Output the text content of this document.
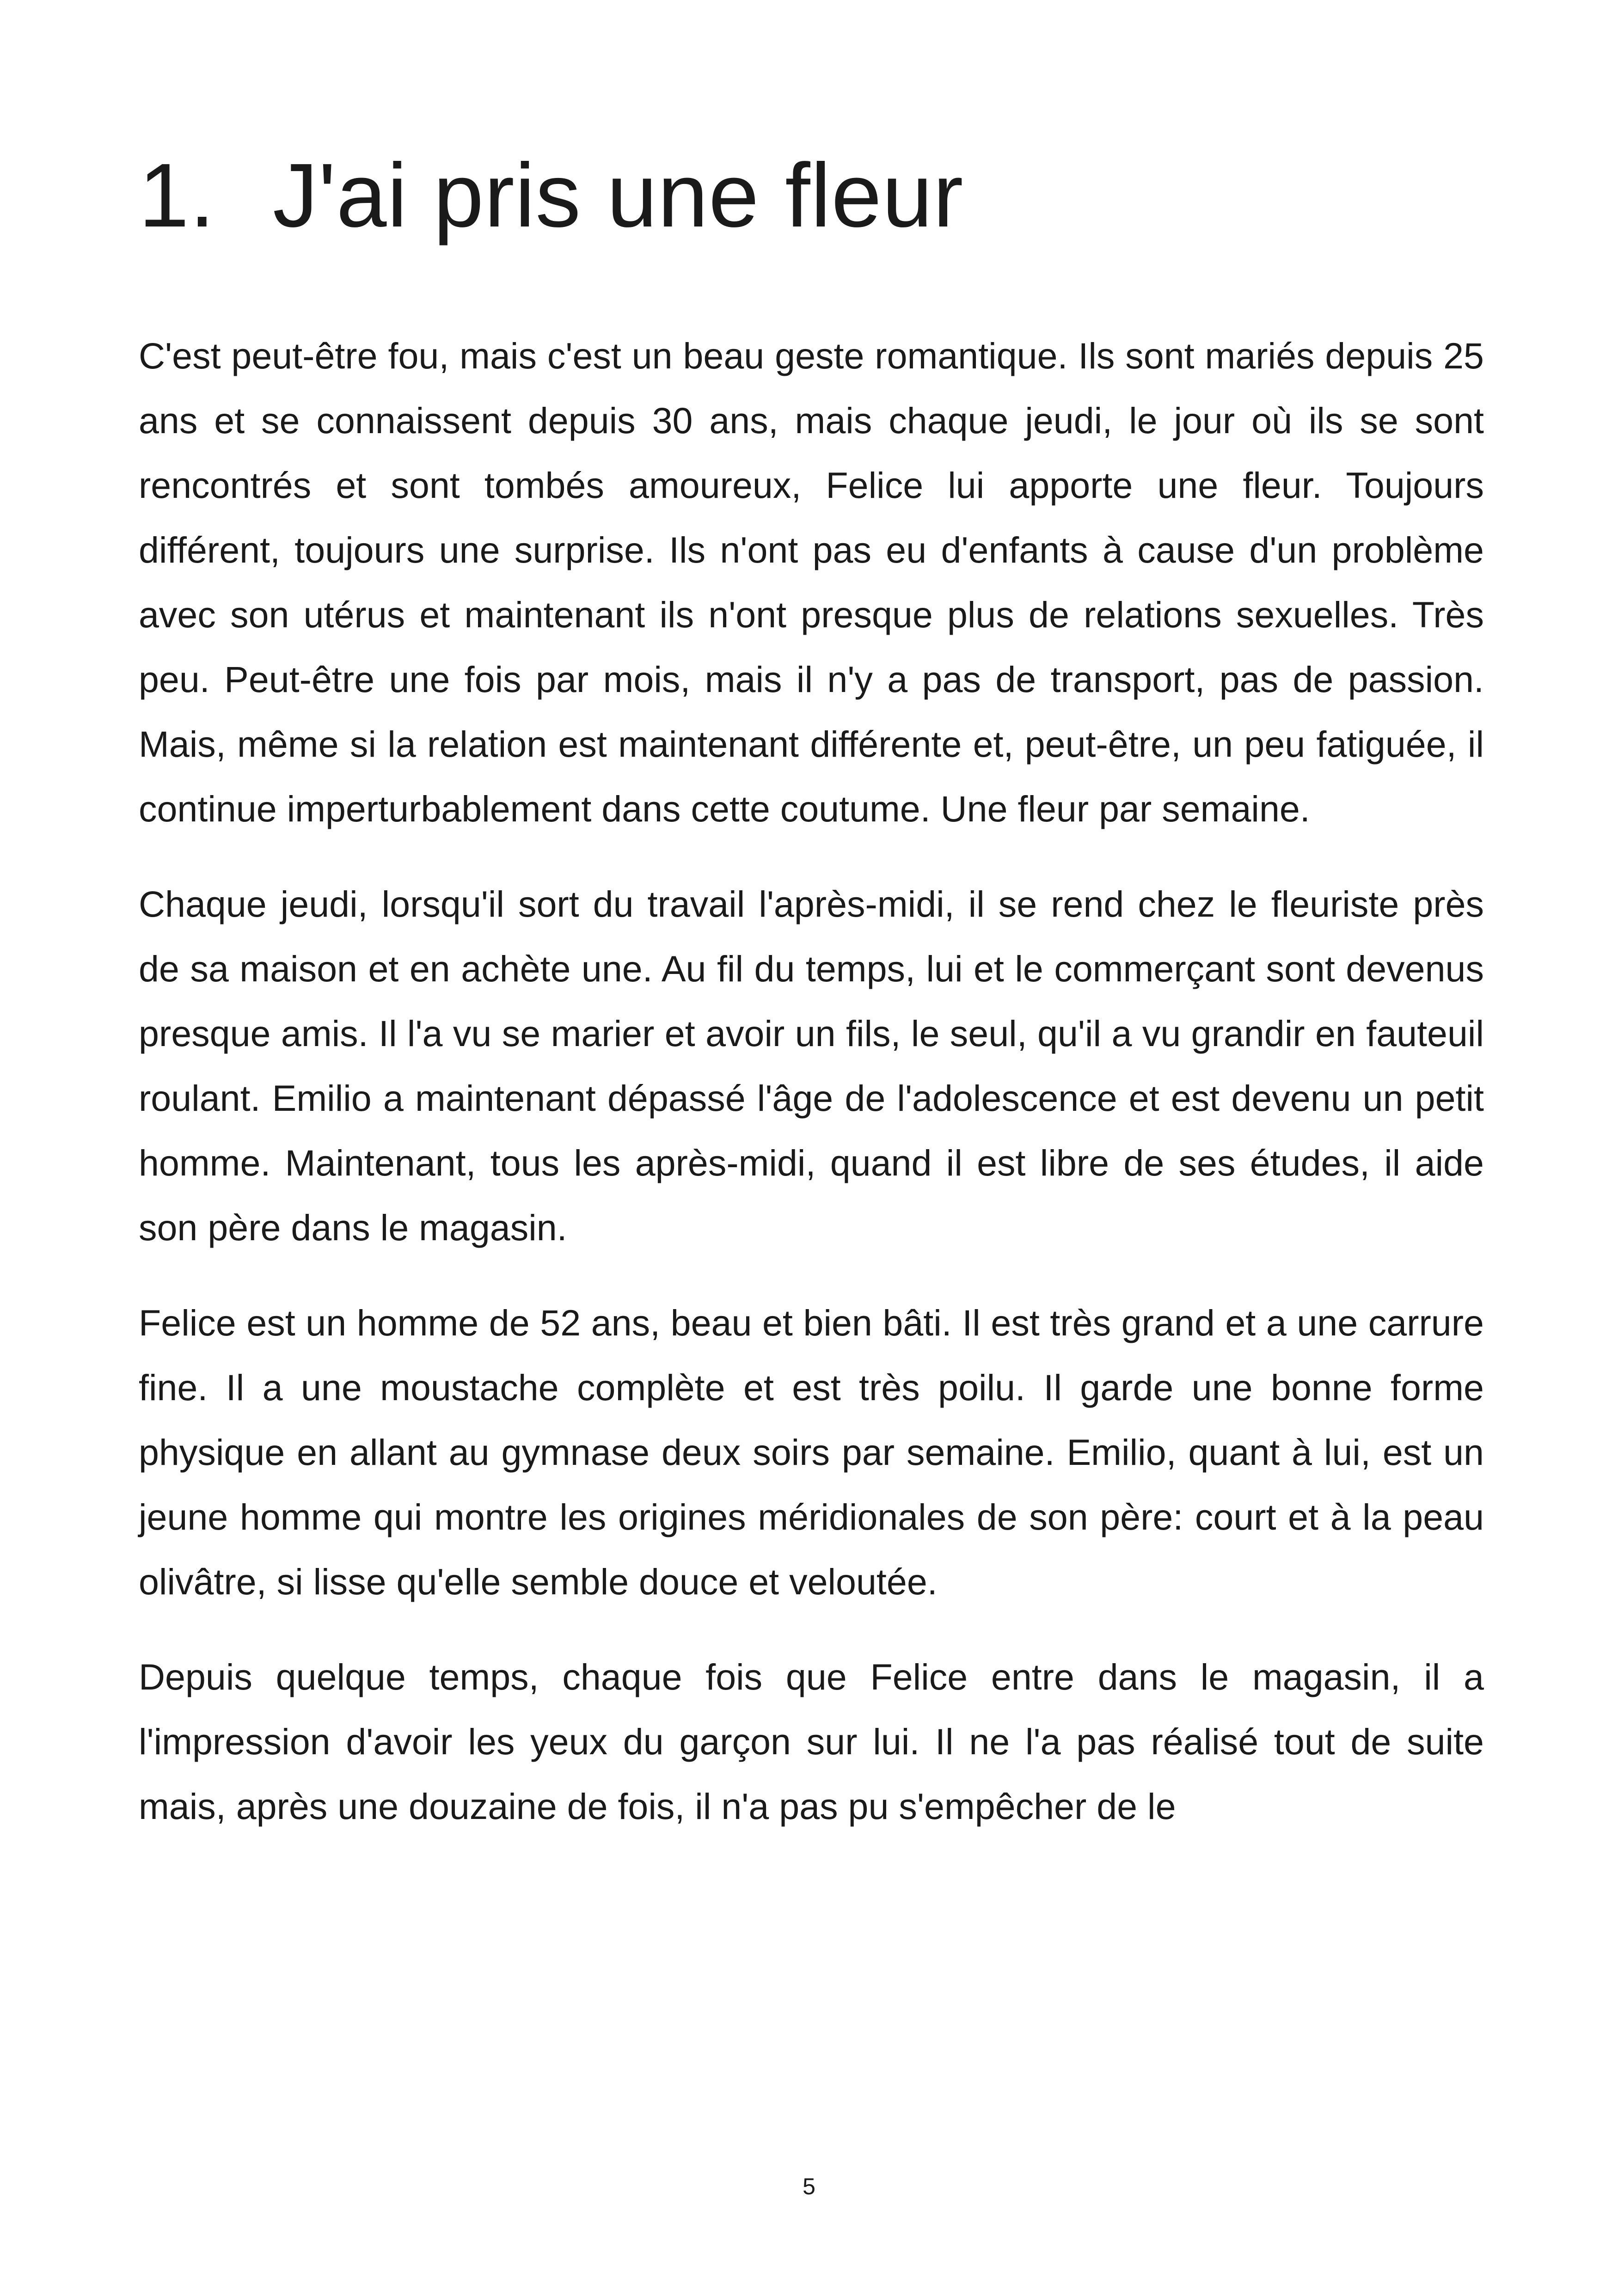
1. J'ai pris une fleur

C'est peut-être fou, mais c'est un beau geste romantique. Ils sont mariés depuis 25 ans et se connaissent depuis 30 ans, mais chaque jeudi, le jour où ils se sont rencontrés et sont tombés amoureux, Felice lui apporte une fleur. Toujours différent, toujours une surprise. Ils n'ont pas eu d'enfants à cause d'un problème avec son utérus et maintenant ils n'ont presque plus de relations sexuelles. Très peu. Peut-être une fois par mois, mais il n'y a pas de transport, pas de passion. Mais, même si la relation est maintenant différente et, peut-être, un peu fatiguée, il continue imperturbablement dans cette coutume. Une fleur par semaine.

Chaque jeudi, lorsqu'il sort du travail l'après-midi, il se rend chez le fleuriste près de sa maison et en achète une. Au fil du temps, lui et le commerçant sont devenus presque amis. Il l'a vu se marier et avoir un fils, le seul, qu'il a vu grandir en fauteuil roulant. Emilio a maintenant dépassé l'âge de l'adolescence et est devenu un petit homme. Maintenant, tous les après-midi, quand il est libre de ses études, il aide son père dans le magasin.

Felice est un homme de 52 ans, beau et bien bâti. Il est très grand et a une carrure fine. Il a une moustache complète et est très poilu. Il garde une bonne forme physique en allant au gymnase deux soirs par semaine. Emilio, quant à lui, est un jeune homme qui montre les origines méridionales de son père: court et à la peau olivâtre, si lisse qu'elle semble douce et veloutée.

Depuis quelque temps, chaque fois que Felice entre dans le magasin, il a l'impression d'avoir les yeux du garçon sur lui. Il ne l'a pas réalisé tout de suite mais, après une douzaine de fois, il n'a pas pu s'empêcher de le

5
